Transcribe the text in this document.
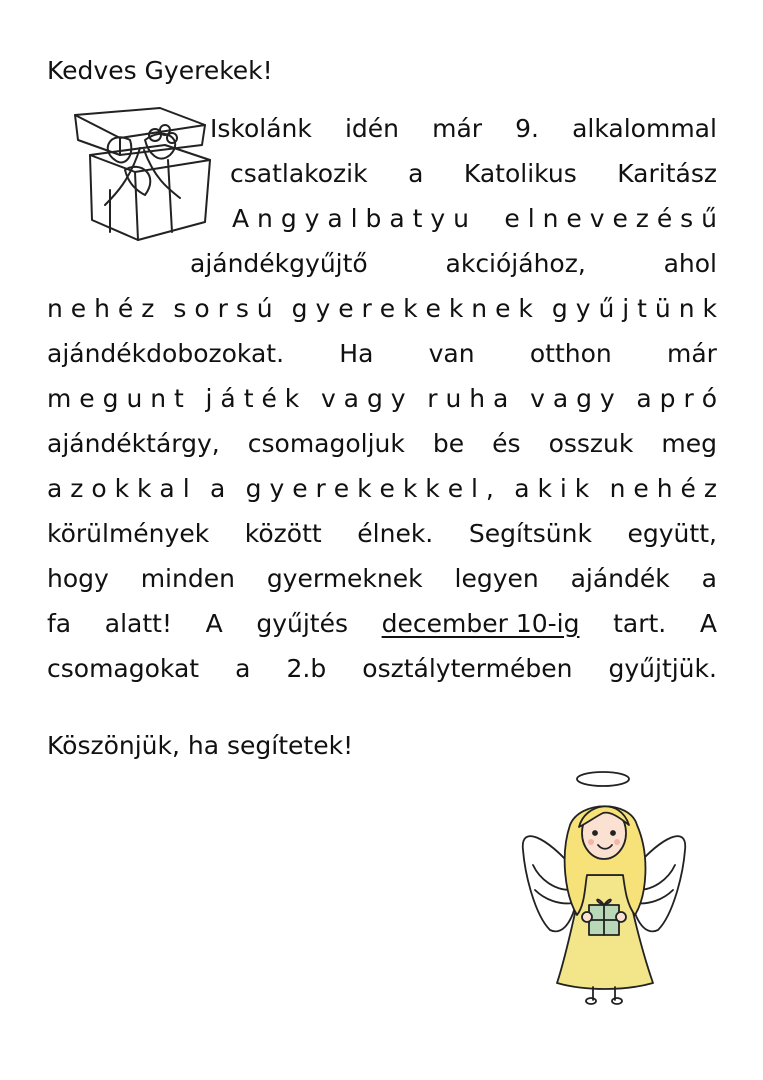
Kedves Gyerekek!
Iskolánk idén már 9. alkalommal
csatlakozik a Katolikus Karitász
A n g y a l b a t y u e l n e v e z é s ű
ajándékgyűjtő	akciójához,	ahol
n e h é z s o r s ú g y e r e k e k n e k g y ű j t ü n k
ajándékdobozokat. Ha van otthon már
m e g u n t j á t é k v a g y r u h a v a g y a p r ó
ajándéktárgy, csomagoljuk be és osszuk meg
a z o k k a l a g y e r e k e k k e l , a k i k n e h é z
körülmények között élnek. Segítsünk együtt,
hogy minden gyermeknek legyen ajándék a
fa alatt! A gyűjtés december 10-ig tart. A
csomagokat a 2.b osztálytermében gyűjtjük.
Köszönjük, ha segítetek!
